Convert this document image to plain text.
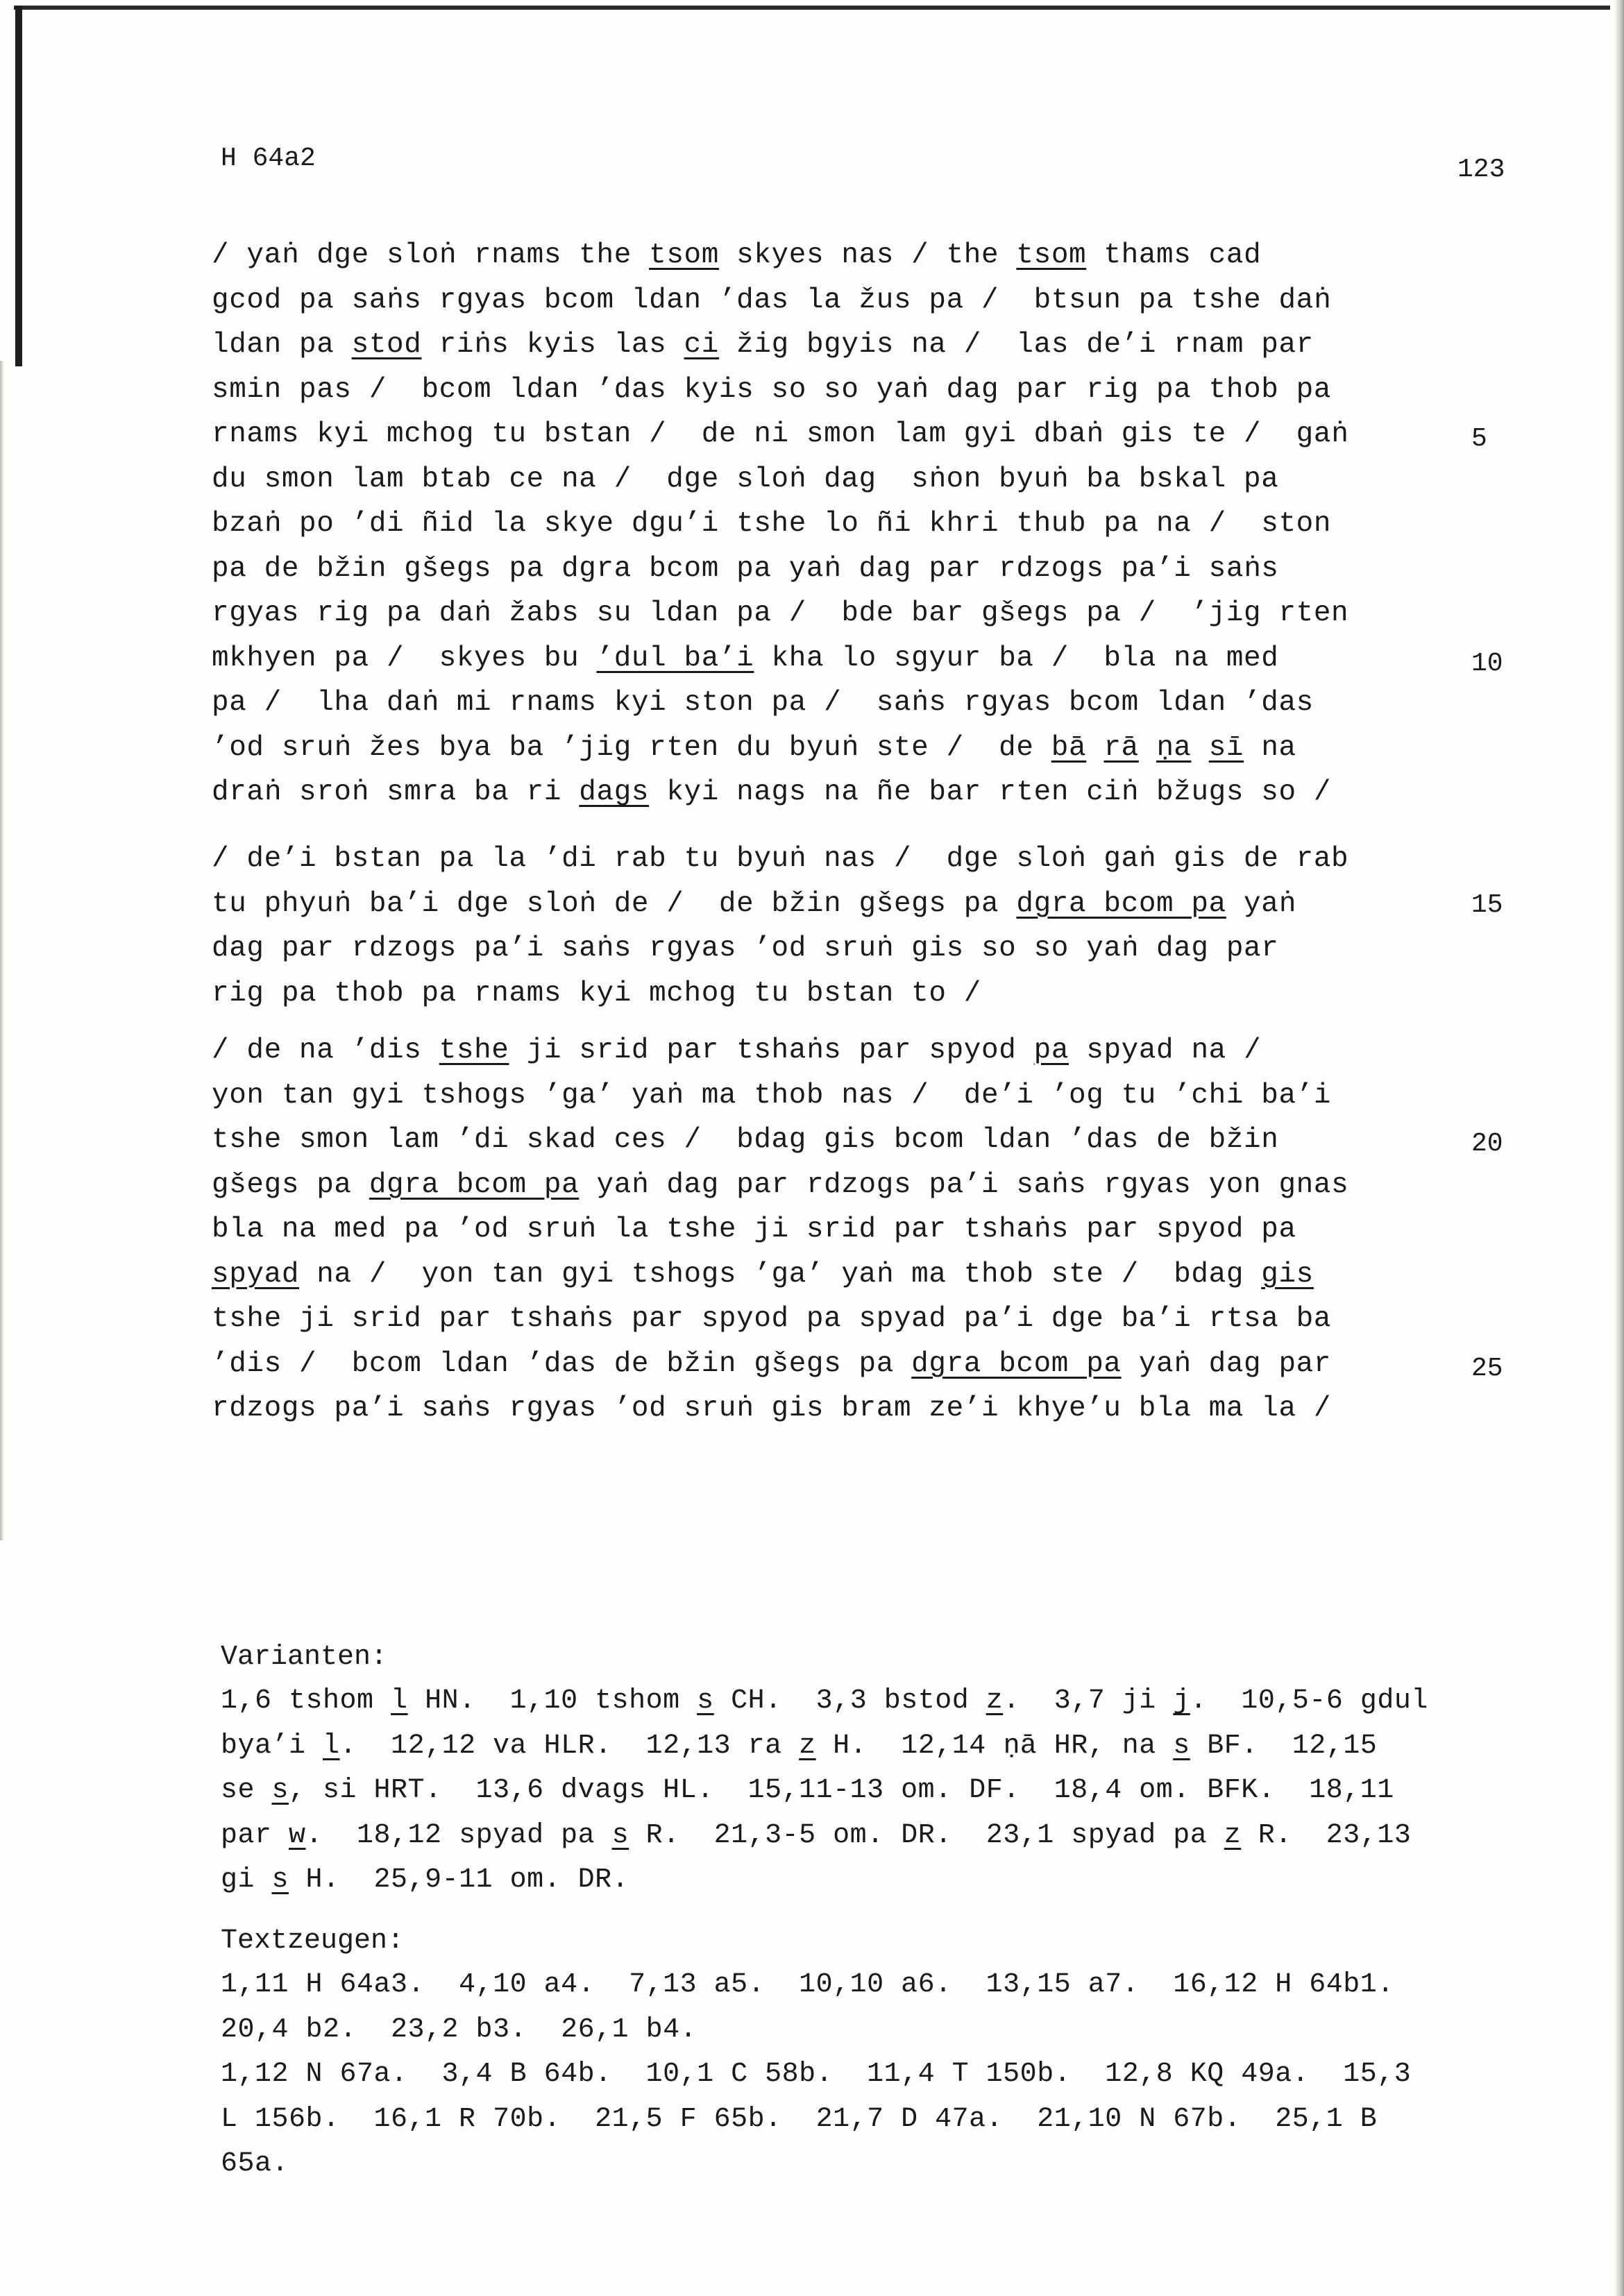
H 64a2	123
/ yaṅ dge sloṅ rnams the tsom skyes nas / the tsom thams cad
gcod pa saṅs rgyas bcom ldan ’das la žus pa /  btsun pa tshe daṅ
ldan pa stod riṅs kyis las ci žig bgyis na /  las de’i rnam par
smin pas /  bcom ldan ’das kyis so so yaṅ dag par rig pa thob pa
rnams kyi mchog tu bstan /  de ni smon lam gyi dbaṅ gis te /  gaṅ
du smon lam btab ce na /  dge sloṅ dag  sṅon byuṅ ba bskal pa
bzaṅ po ’di ñid la skye dgu’i tshe lo ñi khri thub pa na /  ston
pa de bžin gšegs pa dgra bcom pa yaṅ dag par rdzogs pa’i saṅs
rgyas rig pa daṅ žabs su ldan pa /  bde bar gšegs pa /  ’jig rten
mkhyen pa /  skyes bu ’dul ba’i kha lo sgyur ba /  bla na med
pa /  lha daṅ mi rnams kyi ston pa /  saṅs rgyas bcom ldan ’das
’od sruṅ žes bya ba ’jig rten du byuṅ ste /  de bā rā ṇa sī na
draṅ sroṅ smra ba ri dags kyi nags na ñe bar rten ciṅ bžugs so /
/ de’i bstan pa la ’di rab tu byuṅ nas /  dge sloṅ gaṅ gis de rab
tu phyuṅ ba’i dge sloṅ de /  de bžin gšegs pa dgra bcom pa yaṅ
dag par rdzogs pa’i saṅs rgyas ’od sruṅ gis so so yaṅ dag par
rig pa thob pa rnams kyi mchog tu bstan to /
/ de na ’dis tshe ji srid par tshaṅs par spyod pa spyad na /
yon tan gyi tshogs ’ga’ yaṅ ma thob nas /  de’i ’og tu ’chi ba’i
tshe smon lam ’di skad ces /  bdag gis bcom ldan ’das de bžin
gšegs pa dgra bcom pa yaṅ dag par rdzogs pa’i saṅs rgyas yon gnas
bla na med pa ’od sruṅ la tshe ji srid par tshaṅs par spyod pa
spyad na /  yon tan gyi tshogs ’ga’ yaṅ ma thob ste /  bdag gis
tshe ji srid par tshaṅs par spyod pa spyad pa’i dge ba’i rtsa ba
’dis /  bcom ldan ’das de bžin gšegs pa dgra bcom pa yaṅ dag par
rdzogs pa’i saṅs rgyas ’od sruṅ gis bram ze’i khye’u bla ma la /
5
10
15
20
25
Varianten:
1,6 tshom l HN.  1,10 tshom s CH.  3,3 bstod z.  3,7 ji j.  10,5-6 gdul
bya’i l.  12,12 va HLR.  12,13 ra z H.  12,14 ṇā HR, na s BF.  12,15
se s, si HRT.  13,6 dvags HL.  15,11-13 om. DF.  18,4 om. BFK.  18,11
par w.  18,12 spyad pa s R.  21,3-5 om. DR.  23,1 spyad pa z R.  23,13
gi s H.  25,9-11 om. DR.
Textzeugen:
1,11 H 64a3.  4,10 a4.  7,13 a5.  10,10 a6.  13,15 a7.  16,12 H 64b1.
20,4 b2.  23,2 b3.  26,1 b4.
1,12 N 67a.  3,4 B 64b.  10,1 C 58b.  11,4 T 150b.  12,8 KQ 49a.  15,3
L 156b.  16,1 R 70b.  21,5 F 65b.  21,7 D 47a.  21,10 N 67b.  25,1 B
65a.
